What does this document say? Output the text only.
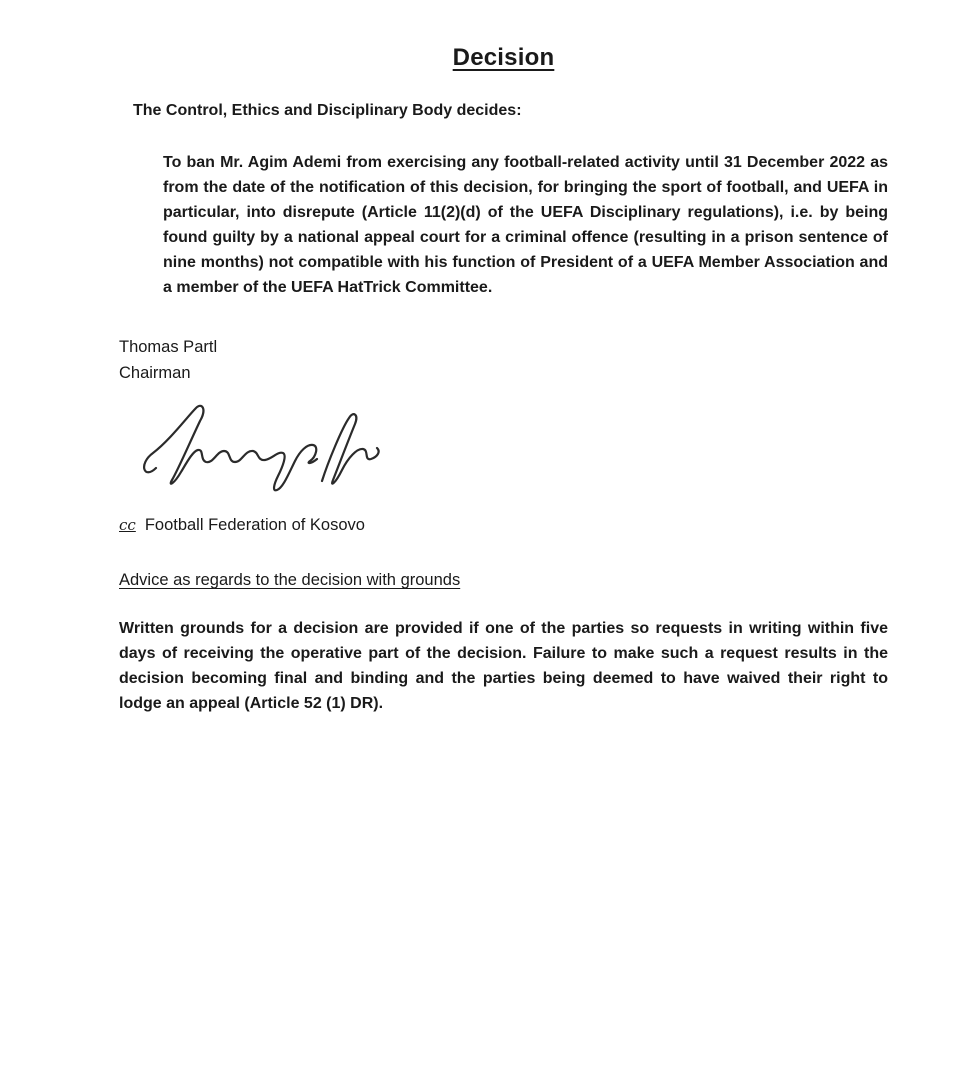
Decision
The Control, Ethics and Disciplinary Body decides:
To ban Mr. Agim Ademi from exercising any football-related activity until 31 December 2022 as from the date of the notification of this decision, for bringing the sport of football, and UEFA in particular, into disrepute (Article 11(2)(d) of the UEFA Disciplinary regulations), i.e. by being found guilty by a national appeal court for a criminal offence (resulting in a prison sentence of nine months) not compatible with his function of President of a UEFA Member Association and a member of the UEFA HatTrick Committee.
Thomas Partl
Chairman
cc Football Federation of Kosovo
Advice as regards to the decision with grounds
Written grounds for a decision are provided if one of the parties so requests in writing within five days of receiving the operative part of the decision. Failure to make such a request results in the decision becoming final and binding and the parties being deemed to have waived their right to lodge an appeal (Article 52 (1) DR).
